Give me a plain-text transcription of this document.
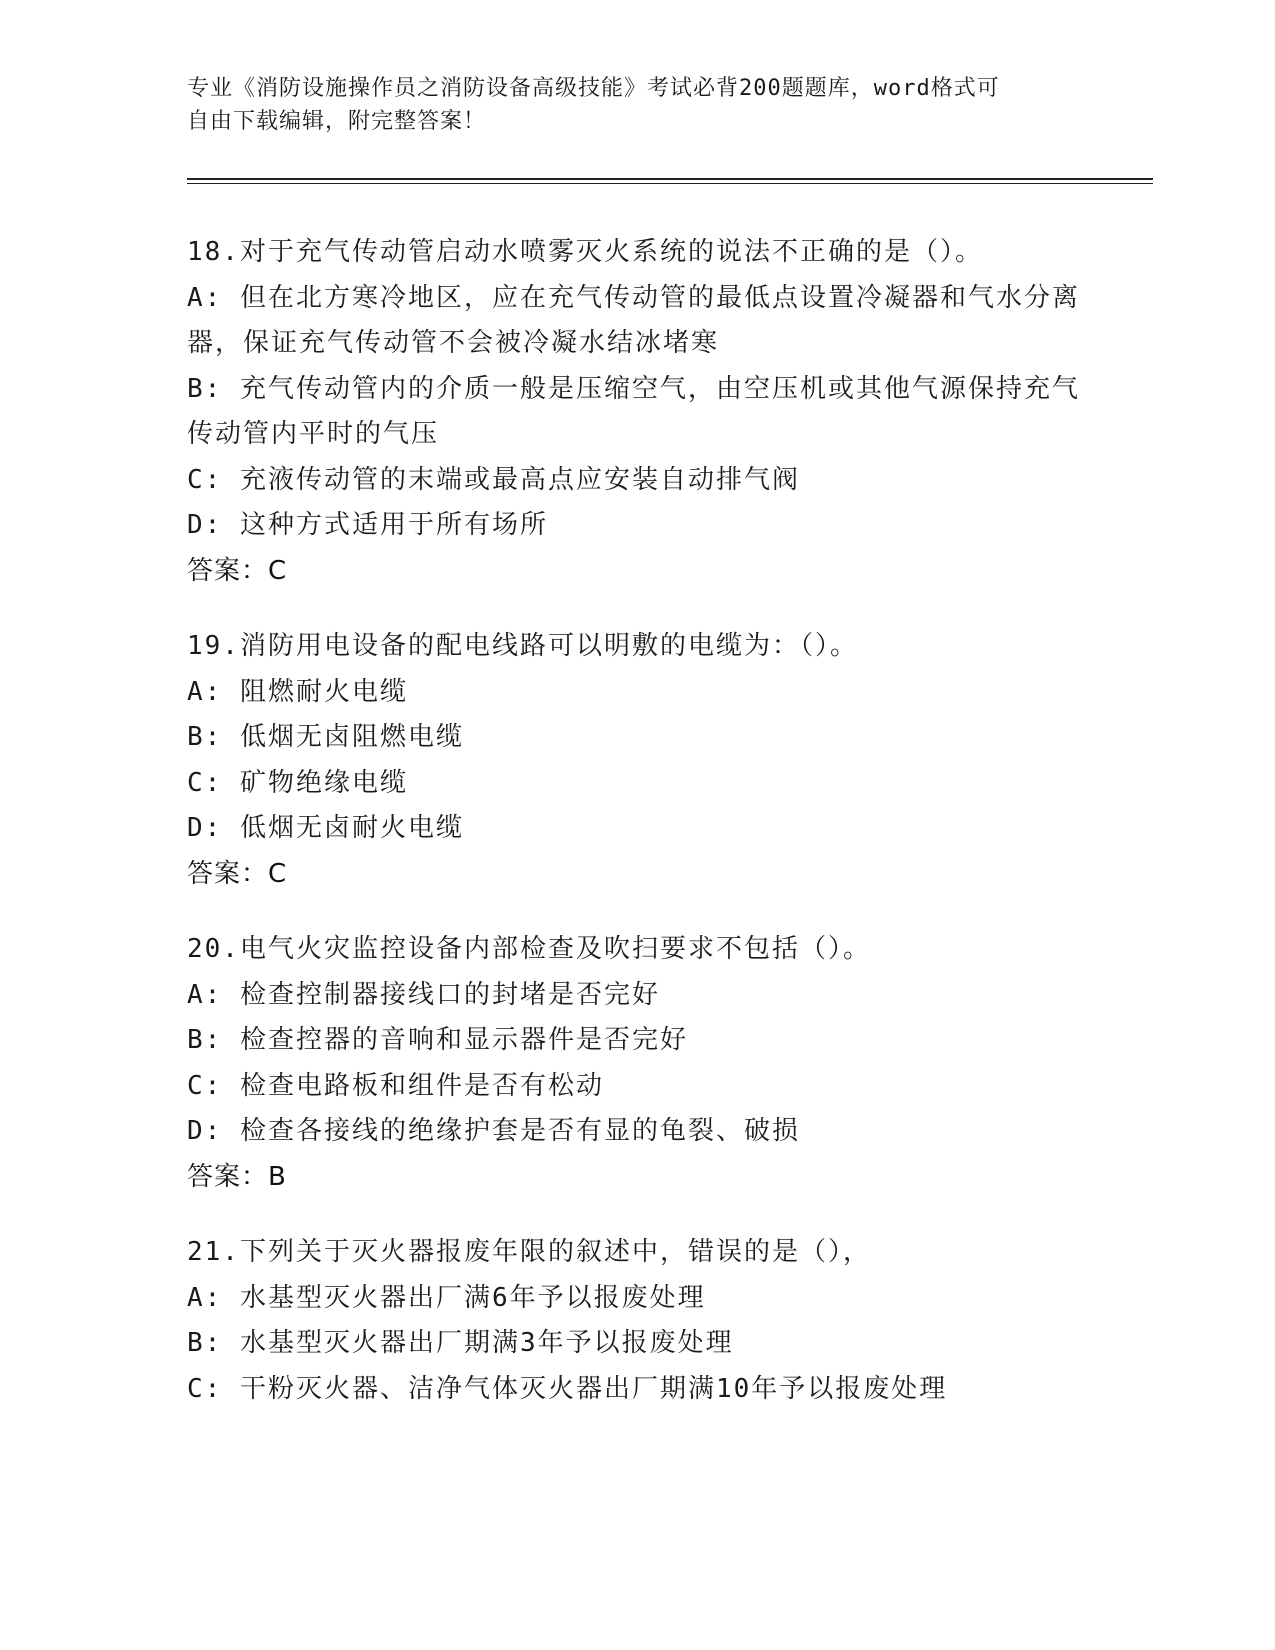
专业《消防设施操作员之消防设备高级技能》考试必背200题题库，word格式可
自由下载编辑，附完整答案！
18.对于充气传动管启动水喷雾灭火系统的说法不正确的是（）。
A: 但在北方寒冷地区，应在充气传动管的最低点设置冷凝器和气水分离器，保证充气传动管不会被冷凝水结冰堵寒
B: 充气传动管内的介质一般是压缩空气，由空压机或其他气源保持充气传动管内平时的气压
C: 充液传动管的末端或最高点应安装自动排气阀
D: 这种方式适用于所有场所
答案：C
19.消防用电设备的配电线路可以明敷的电缆为：（）。
A: 阻燃耐火电缆
B: 低烟无卤阻燃电缆
C: 矿物绝缘电缆
D: 低烟无卤耐火电缆
答案：C
20.电气火灾监控设备内部检查及吹扫要求不包括（）。
A: 检查控制器接线口的封堵是否完好
B: 检查控器的音响和显示器件是否完好
C: 检查电路板和组件是否有松动
D: 检查各接线的绝缘护套是否有显的龟裂、破损
答案：B
21.下列关于灭火器报废年限的叙述中，错误的是（），
A: 水基型灭火器出厂满6年予以报废处理
B: 水基型灭火器出厂期满3年予以报废处理
C: 干粉灭火器、洁净气体灭火器出厂期满10年予以报废处理
